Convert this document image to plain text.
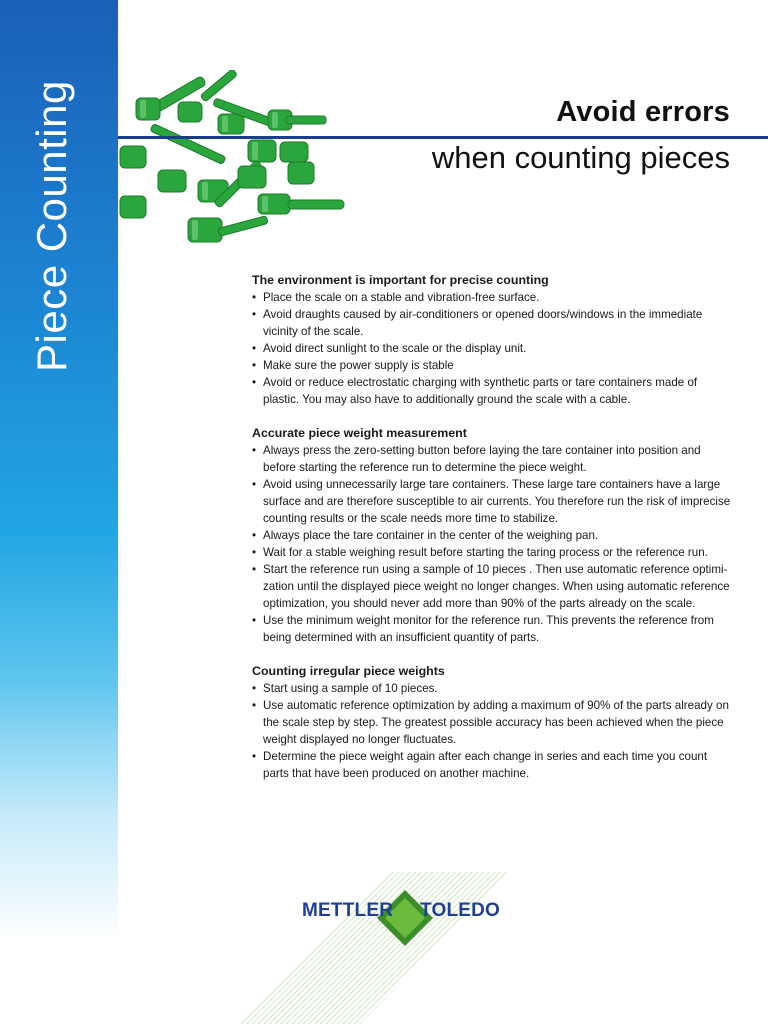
Piece Counting	Avoid errors
when counting pieces
The environment is important for precise counting
• Place the scale on a stable and vibration-free surface.
• Avoid draughts caused by air-conditioners or opened doors/windows in the immediate vicinity of the scale.
• Avoid direct sunlight to the scale or the display unit.
• Make sure the power supply is stable
• Avoid or reduce electrostatic charging with synthetic parts or tare containers made of plastic. You may also have to additionally ground the scale with a cable.
Accurate piece weight measurement
• Always press the zero-setting button before laying the tare container into position and before starting the reference run to determine the piece weight.
• Avoid using unnecessarily large tare containers. These large tare containers have a large surface and are therefore susceptible to air currents. You therefore run the risk of imprecise counting results or the scale needs more time to stabilize.
• Always place the tare container in the center of the weighing pan.
• Wait for a stable weighing result before starting the taring process or the reference run.
• Start the reference run using a sample of 10 pieces . Then use automatic reference optimi- zation until the displayed piece weight no longer changes. When using automatic reference optimization, you should never add more than 90% of the parts already on the scale.
• Use the minimum weight monitor for the reference run. This prevents the reference from being determined with an insufficient quantity of parts.
Counting irregular piece weights
• Start using a sample of 10 pieces.
• Use automatic reference optimization by adding a maximum of 90% of the parts already on the scale step by step. The greatest possible accuracy has been achieved when the piece weight displayed no longer fluctuates.
• Determine the piece weight again after each change in series and each time you count parts that have been produced on another machine.
METTLER TOLEDO
